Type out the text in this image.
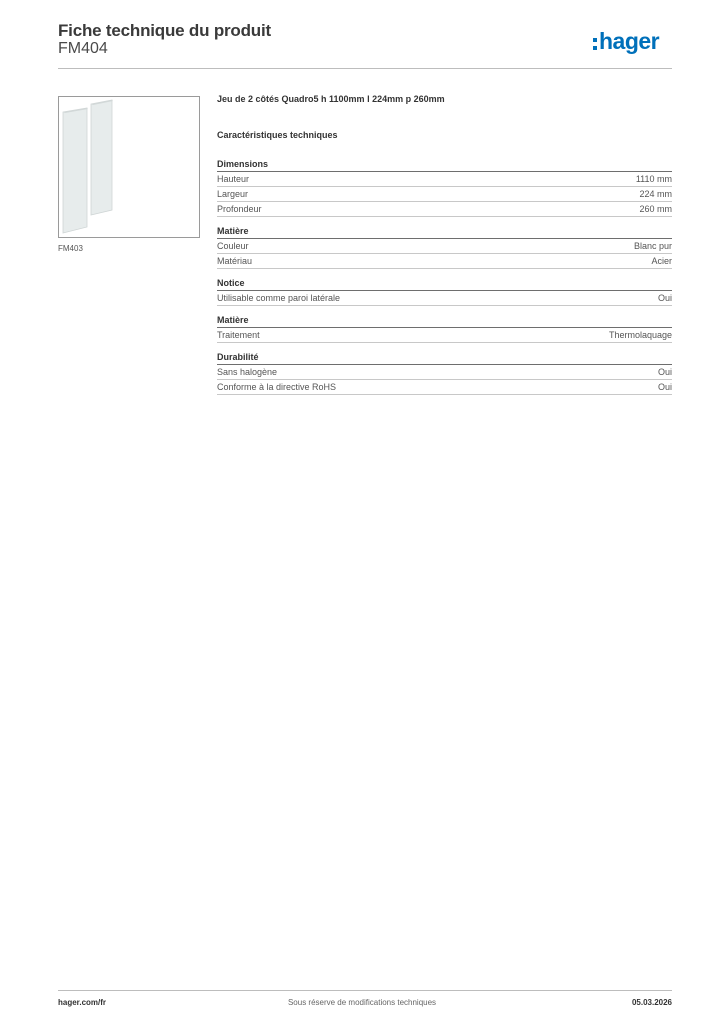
Fiche technique du produit
FM404	hager
FM403
Jeu de 2 côtés Quadro5 h 1100mm l 224mm p 260mm
Caractéristiques techniques
Dimensions
Hauteur	1110 mm
Largeur	224 mm
Profondeur	260 mm
Matière
Couleur	Blanc pur
Matériau	Acier
Notice
Utilisable comme paroi latérale	Oui
Matière
Traitement	Thermolaquage
Durabilité
Sans halogène	Oui
Conforme à la directive RoHS	Oui
hager.com/fr	Sous réserve de modifications techniques	05.03.2026
